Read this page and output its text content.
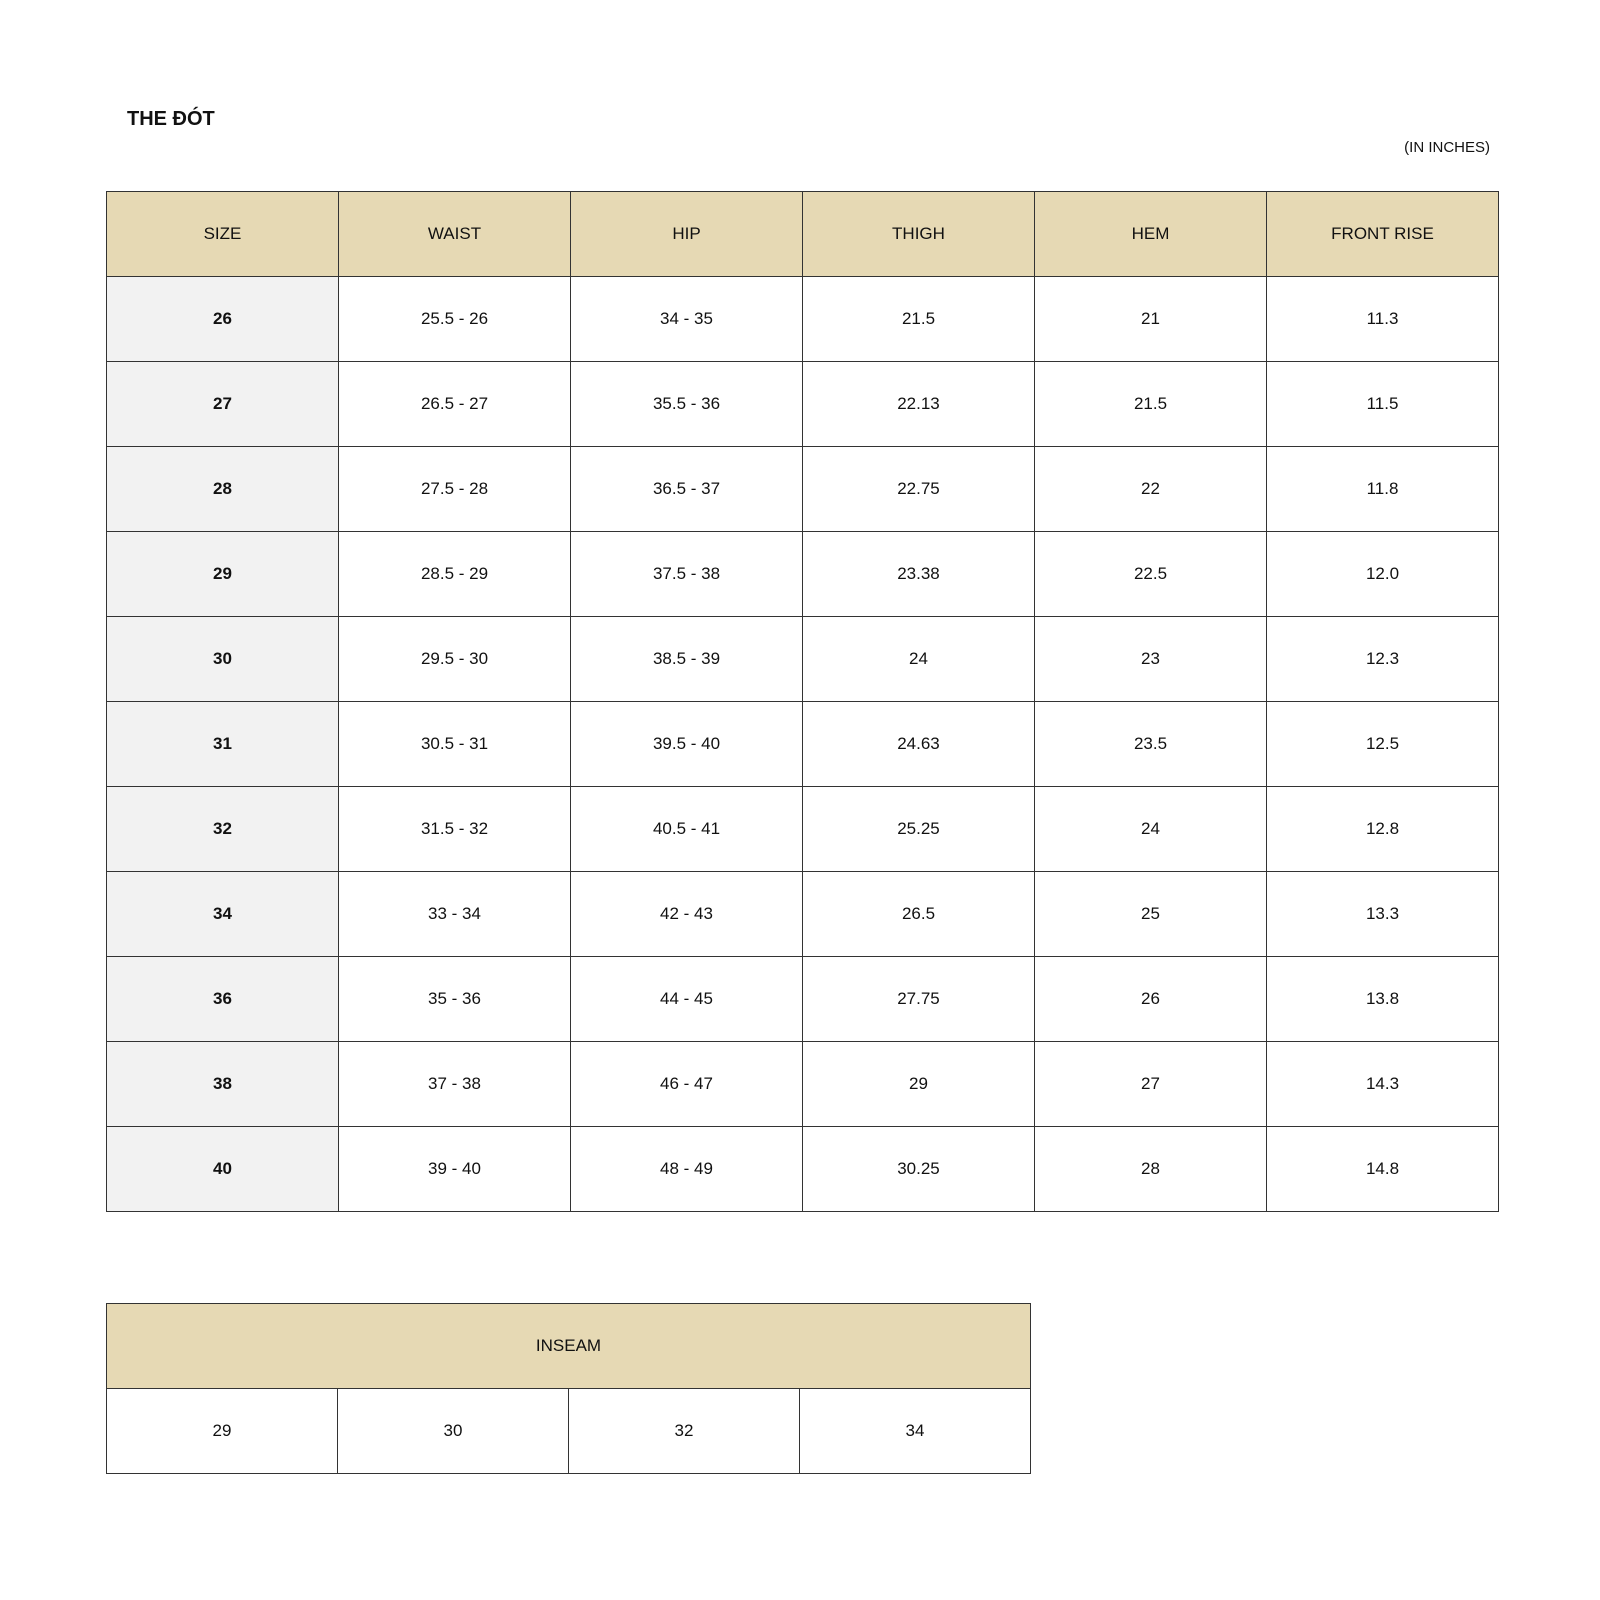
THE ĐÓT
(IN INCHES)
SIZE	WAIST	HIP	THIGH	HEM	FRONT RISE
26	25.5 - 26	34 - 35	21.5	21	11.3
27	26.5 - 27	35.5 - 36	22.13	21.5	11.5
28	27.5 - 28	36.5 - 37	22.75	22	11.8
29	28.5 - 29	37.5 - 38	23.38	22.5	12.0
30	29.5 - 30	38.5 - 39	24	23	12.3
31	30.5 - 31	39.5 - 40	24.63	23.5	12.5
32	31.5 - 32	40.5 - 41	25.25	24	12.8
34	33 - 34	42 - 43	26.5	25	13.3
36	35 - 36	44 - 45	27.75	26	13.8
38	37 - 38	46 - 47	29	27	14.3
40	39 - 40	48 - 49	30.25	28	14.8
INSEAM
29	30	32	34
